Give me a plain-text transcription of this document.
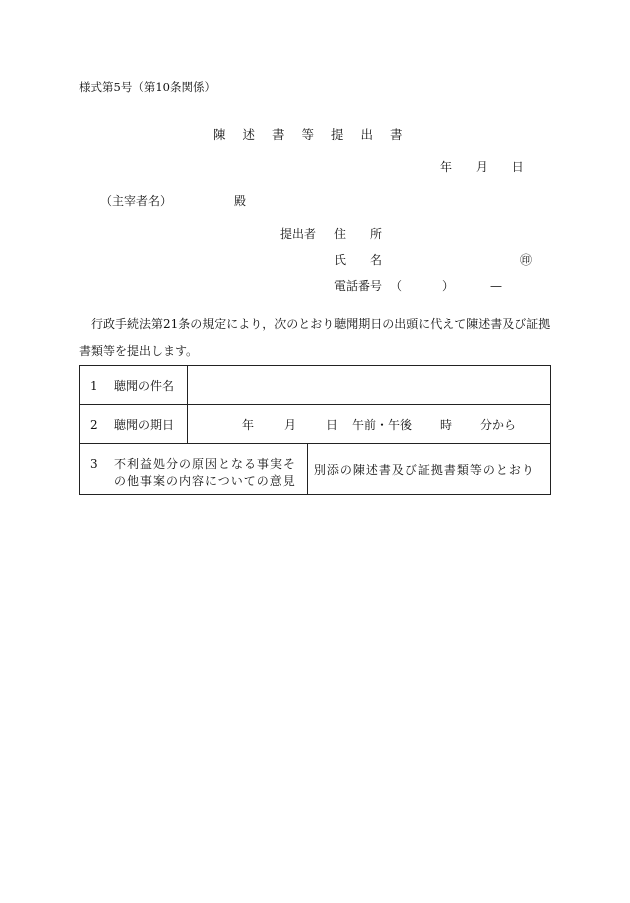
様式第5号（第10条関係）
陳述書等提出書
年 月 日
（主宰者名）	殿
提出者 住所
氏名	㊞
電話番号 （	）	—
行政手続法第21条の規定により，次のとおり聴聞期日の出頭に代えて陳述書及び証拠書類等を提出します。
1 聴聞の件名		
2 聴聞の期日	年 月 日 午前・午後 時 分から	
3 不利益処分の原因となる事実その他事案の内容についての意見		別添の陳述書及び証拠書類等のとおり
